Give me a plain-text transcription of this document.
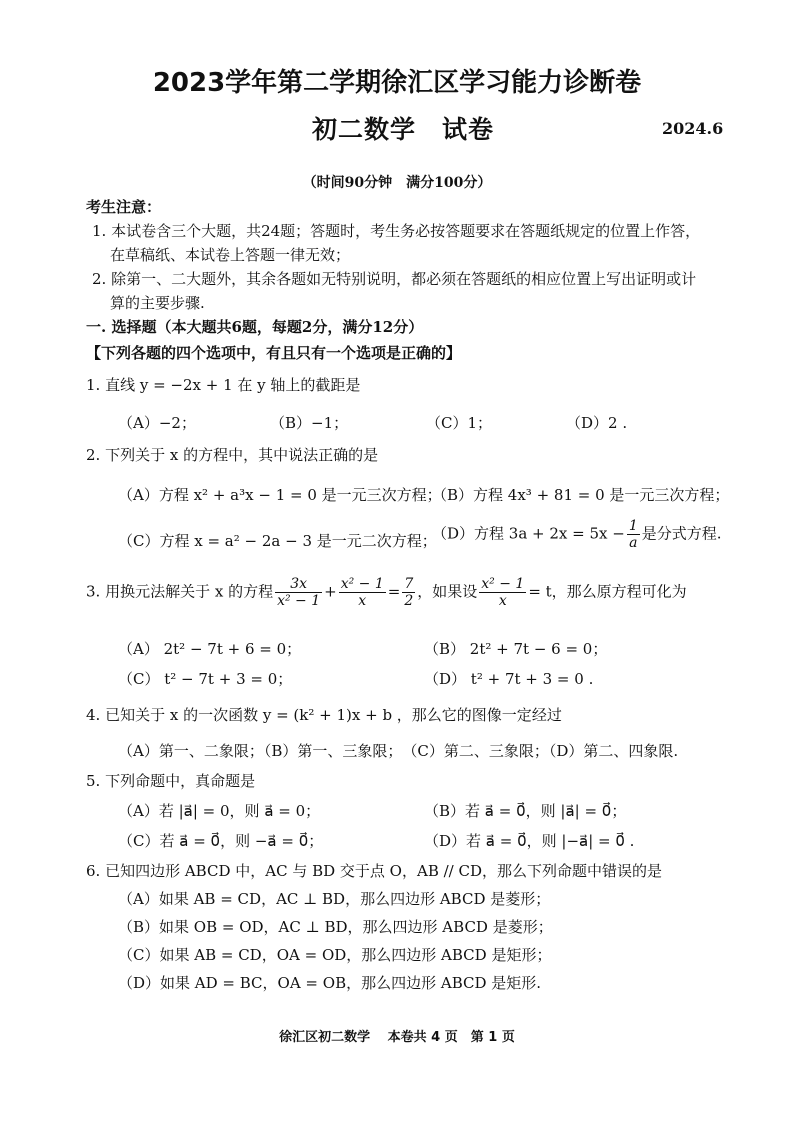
2023学年第二学期徐汇区学习能力诊断卷
初二数学　试卷	2024.6
（时间90分钟　满分100分）
考生注意：
1. 本试卷含三个大题，共24题；答题时，考生务必按答题要求在答题纸规定的位置上作答，
在草稿纸、本试卷上答题一律无效；
2. 除第一、二大题外，其余各题如无特别说明，都必须在答题纸的相应位置上写出证明或计
算的主要步骤.
一. 选择题（本大题共6题，每题2分，满分12分）
【下列各题的四个选项中，有且只有一个选项是正确的】
1. 直线 y = −2x + 1 在 y 轴上的截距是
（A）−2；	（B）−1；	（C）1；	（D）2 .
2. 下列关于 x 的方程中，其中说法正确的是
（A）方程 x² + a³x − 1 = 0 是一元三次方程；
（B）方程 4x³ + 81 = 0 是一元三次方程；
（C）方程 x = a² − 2a − 3 是一元二次方程；
（D）方程 $3a + 2x = 5x - \frac{1}{a}$ 是分式方程.
3. 用换元法解关于 x 的方程 $\frac{3x}{\text{x² − 1}} + \frac{\text{x² − 1}}{x} = \frac{7}{2}$ ，如果设 $\frac{\text{x² − 1}}{x} = t$，那么原方程可化为
（A） 2t² − 7t + 6 = 0；	（B） 2t² + 7t − 6 = 0；
（C） t² − 7t + 3 = 0；	（D） t² + 7t + 3 = 0 .
4. 已知关于 x 的一次函数 y = (k² + 1)x + b ，那么它的图像一定经过
（A）第一、二象限；（B）第一、三象限；　（C）第二、三象限；（D）第二、四象限.
5. 下列命题中，真命题是
（A）若 |a⃗| = 0，则 a⃗ = 0；	（B）若 a⃗ = 0⃗，则 |a⃗| = 0⃗；
（C）若 a⃗ = 0⃗，则 −a⃗ = 0⃗；	（D）若 a⃗ = 0⃗，则 |−a⃗| = 0⃗ .
6. 已知四边形 ABCD 中，AC 与 BD 交于点 O，AB // CD，那么下列命题中错误的是
（A）如果 AB = CD，AC ⊥ BD，那么四边形 ABCD 是菱形；
（B）如果 OB = OD，AC ⊥ BD，那么四边形 ABCD 是菱形；
（C）如果 AB = CD，OA = OD，那么四边形 ABCD 是矩形；
（D）如果 AD = BC，OA = OB，那么四边形 ABCD 是矩形.
徐汇区初二数学　 本卷共 4 页　第 1 页
